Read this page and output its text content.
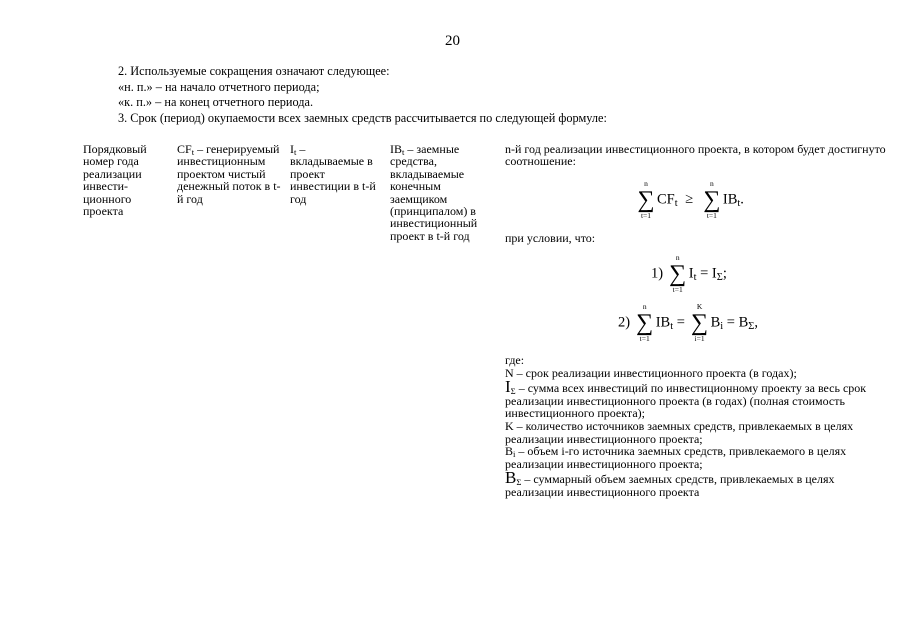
20
2. Используемые сокращения означают следующее:
«н. п.» – на начало отчетного периода;
«к. п.» – на конец отчетного периода.
3. Срок (период) окупаемости всех заемных средств рассчитывается по следующей формуле:
Порядковый номер года реализации инвести-ционного проекта
$CF_t$ – генерируемый инвестиционным проектом чистый денежный поток в t-й год
$I_t$ – вкладываемые в проект инвестиции в t-й год
$IB_t$ – заемные средства, вкладываемые конечным заемщиком (принципалом) в инвестиционный проект в t-й год
n-й год реализации инвестиционного проекта, в котором будет достигнуто соотношение:
n
∑
t=1
$CF_t$ ≥
n
∑
t=1
$IB_t$.
при условии, что:
1)
n
∑
t=1
$I_t = I_\Sigma$;
2)
n
∑
t=1
$IB_t$ =
K
∑
i=1
$B_i = B_\Sigma$,
где:
N – срок реализации инвестиционного проекта (в годах);
$I_\Sigma$ – сумма всех инвестиций по инвестиционному проекту за весь срок реализации инвестиционного проекта (в годах) (полная стоимость инвестиционного проекта);
K – количество источников заемных средств, привлекаемых в целях реализации инвестиционного проекта;
$B_i$ – объем i-го источника заемных средств, привлекаемого в целях реализации инвестиционного проекта;
$B_\Sigma$ – суммарный объем заемных средств, привлекаемых в целях реализации инвестиционного проекта
